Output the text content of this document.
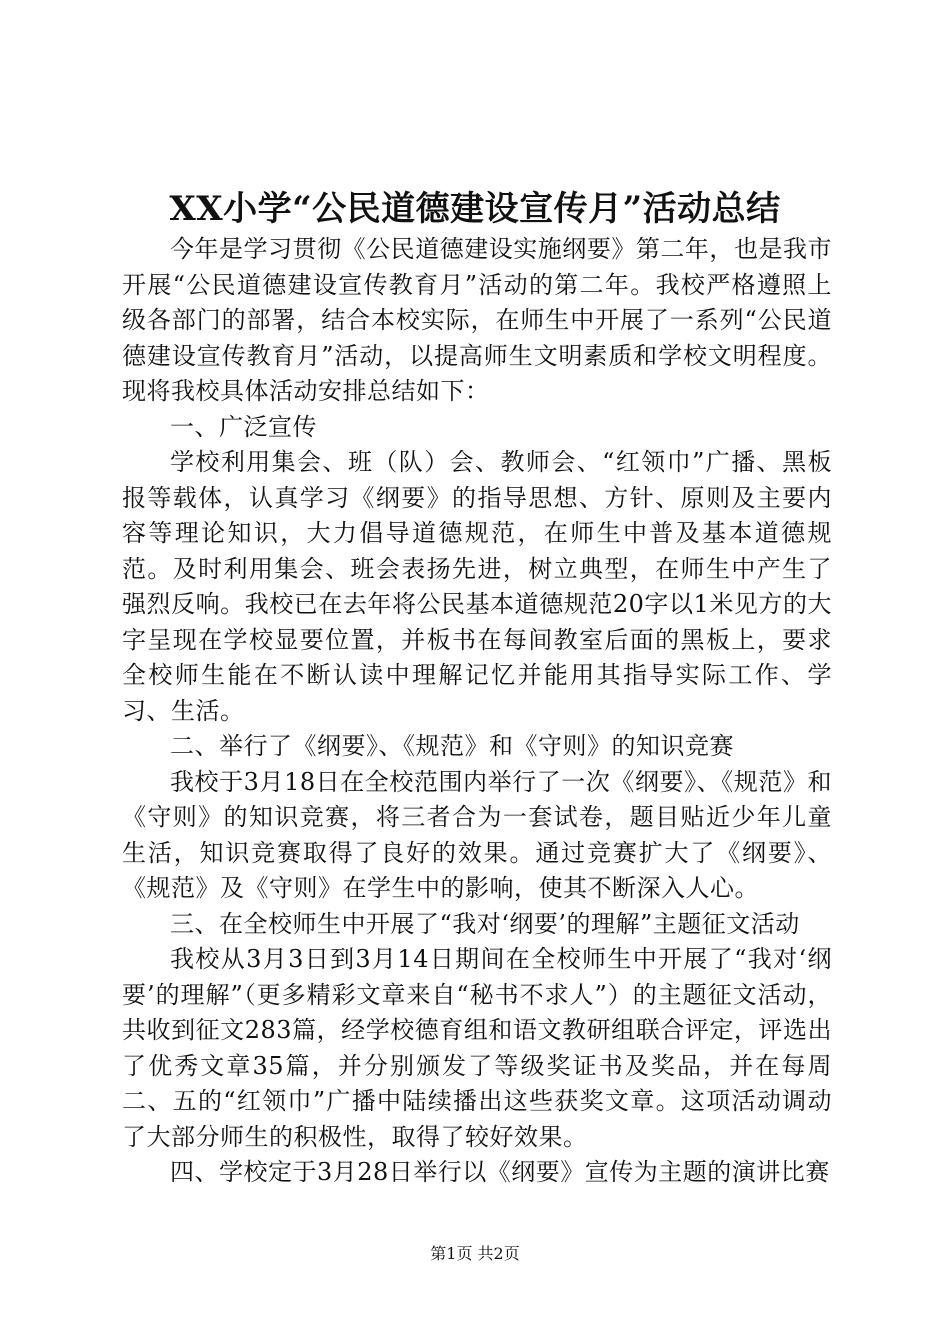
XX小学“公民道德建设宣传月”活动总结

今年是学习贯彻《公民道德建设实施纲要》第二年，也是我市开展“公民道德建设宣传教育月”活动的第二年。我校严格遵照上级各部门的部署，结合本校实际，在师生中开展了一系列“公民道德建设宣传教育月”活动，以提高师生文明素质和学校文明程度。现将我校具体活动安排总结如下：

一、广泛宣传

学校利用集会、班（队）会、教师会、“红领巾”广播、黑板报等载体，认真学习《纲要》的指导思想、方针、原则及主要内容等理论知识，大力倡导道德规范，在师生中普及基本道德规范。及时利用集会、班会表扬先进，树立典型，在师生中产生了强烈反响。我校已在去年将公民基本道德规范20字以1米见方的大字呈现在学校显要位置，并板书在每间教室后面的黑板上，要求全校师生能在不断认读中理解记忆并能用其指导实际工作、学习、生活。

二、举行了《纲要》、《规范》和《守则》的知识竞赛

我校于3月18日在全校范围内举行了一次《纲要》、《规范》和《守则》的知识竞赛，将三者合为一套试卷，题目贴近少年儿童生活，知识竞赛取得了良好的效果。通过竞赛扩大了《纲要》、《规范》及《守则》在学生中的影响，使其不断深入人心。

三、在全校师生中开展了“我对‘纲要’的理解”主题征文活动

我校从3月3日到3月14日期间在全校师生中开展了“我对‘纲要’的理解”（更多精彩文章来自“秘书不求人”）的主题征文活动，共收到征文283篇，经学校德育组和语文教研组联合评定，评选出了优秀文章35篇，并分别颁发了等级奖证书及奖品，并在每周二、五的“红领巾”广播中陆续播出这些获奖文章。这项活动调动了大部分师生的积极性，取得了较好效果。

四、学校定于3月28日举行以《纲要》宣传为主题的演讲比赛

第1页 共2页
